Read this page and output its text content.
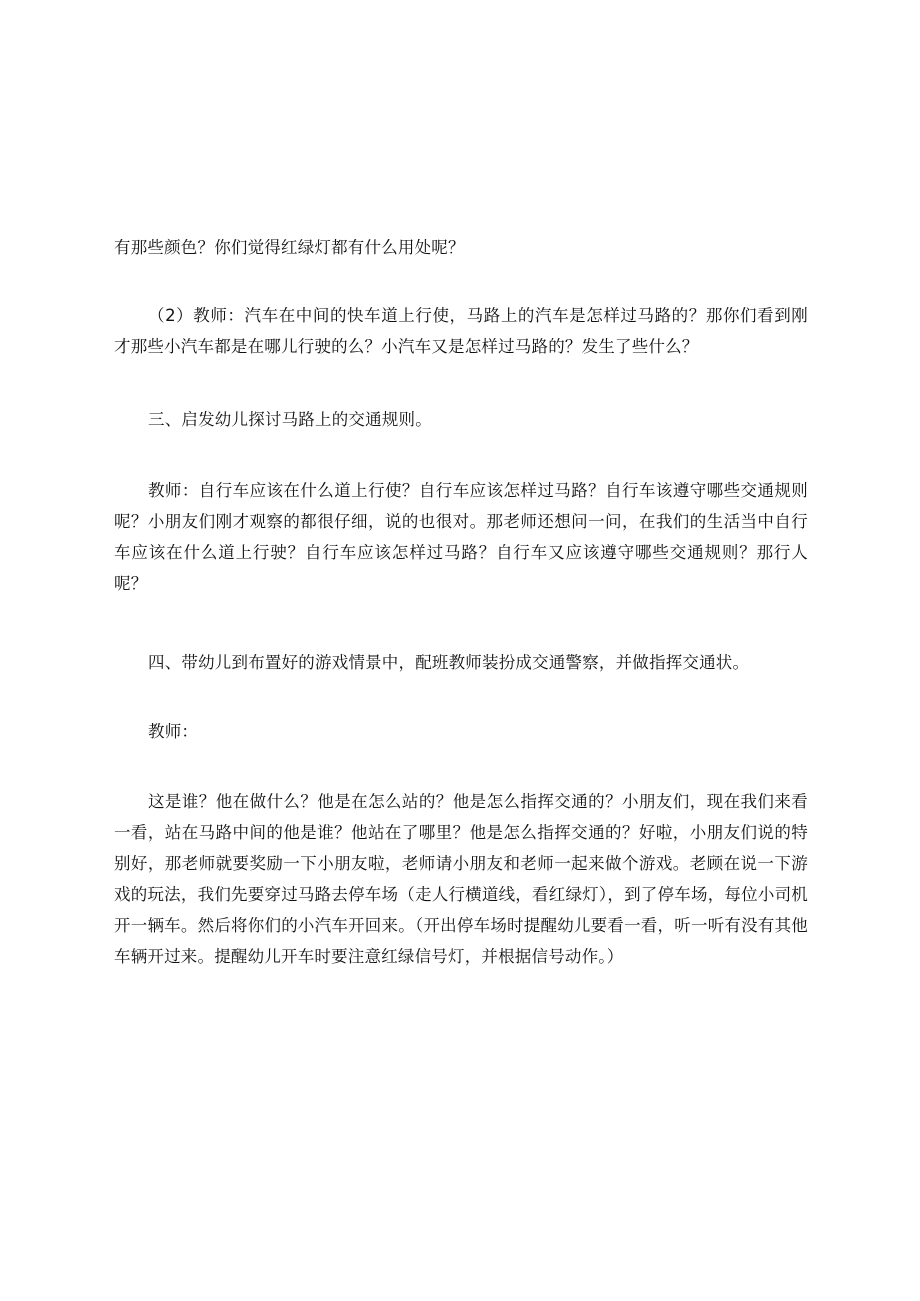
有那些颜色？你们觉得红绿灯都有什么用处呢？

（2）教师：汽车在中间的快车道上行使，马路上的汽车是怎样过马路的？那你们看到刚才那些小汽车都是在哪儿行驶的么？小汽车又是怎样过马路的？发生了些什么？

三、启发幼儿探讨马路上的交通规则。

教师：自行车应该在什么道上行使？自行车应该怎样过马路？自行车该遵守哪些交通规则呢？小朋友们刚才观察的都很仔细，说的也很对。那老师还想问一问，在我们的生活当中自行车应该在什么道上行驶？自行车应该怎样过马路？自行车又应该遵守哪些交通规则？那行人呢？

四、带幼儿到布置好的游戏情景中，配班教师装扮成交通警察，并做指挥交通状。

教师：

这是谁？他在做什么？他是在怎么站的？他是怎么指挥交通的？小朋友们，现在我们来看一看，站在马路中间的他是谁？他站在了哪里？他是怎么指挥交通的？好啦，小朋友们说的特别好，那老师就要奖励一下小朋友啦，老师请小朋友和老师一起来做个游戏。老顾在说一下游戏的玩法，我们先要穿过马路去停车场（走人行横道线，看红绿灯），到了停车场，每位小司机开一辆车。然后将你们的小汽车开回来。（开出停车场时提醒幼儿要看一看，听一听有没有其他车辆开过来。提醒幼儿开车时要注意红绿信号灯，并根据信号动作。）
